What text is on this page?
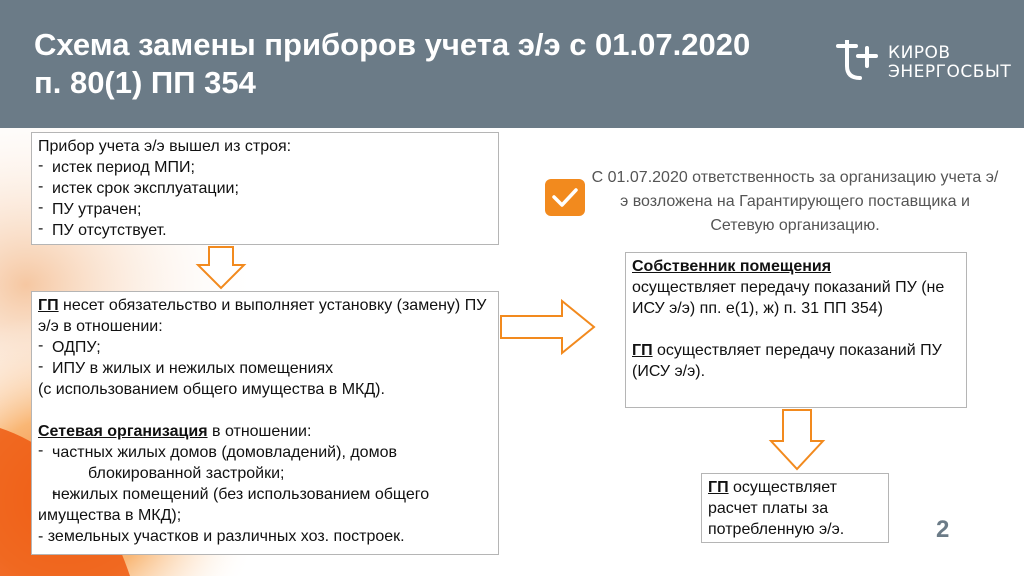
Схема замены приборов учета э/э с 01.07.2020
п. 80(1) ПП 354
КИРОВ
ЭНЕРГОСБЫТ

Прибор учета э/э вышел из строя:

- истек период МПИ;

- истек срок эксплуатации;

- ПУ утрачен;

- ПУ отсутствует.

ГП несет обязательство и выполняет установку (замену) ПУ э/э в отношении:

- ОДПУ;

- ИПУ в жилых и нежилых помещениях

(с использованием общего имущества в МКД).

Сетевая организация в отношении:

- частных жилых домов (домовладений), домов

блокированной застройки;

- нежилых помещений (без использованием общего имущества в МКД);

- земельных участков и различных хоз. построек.

С 01.07.2020 ответственность за организацию учета э/э возложена на Гарантирующего поставщика и Сетевую организацию.

Собственник помещения

осуществляет передачу показаний ПУ (не ИСУ э/э) пп. е(1), ж) п. 31 ПП 354)

ГП осуществляет передачу показаний ПУ (ИСУ э/э).

ГП осуществляет расчет платы за потребленную э/э.	2
